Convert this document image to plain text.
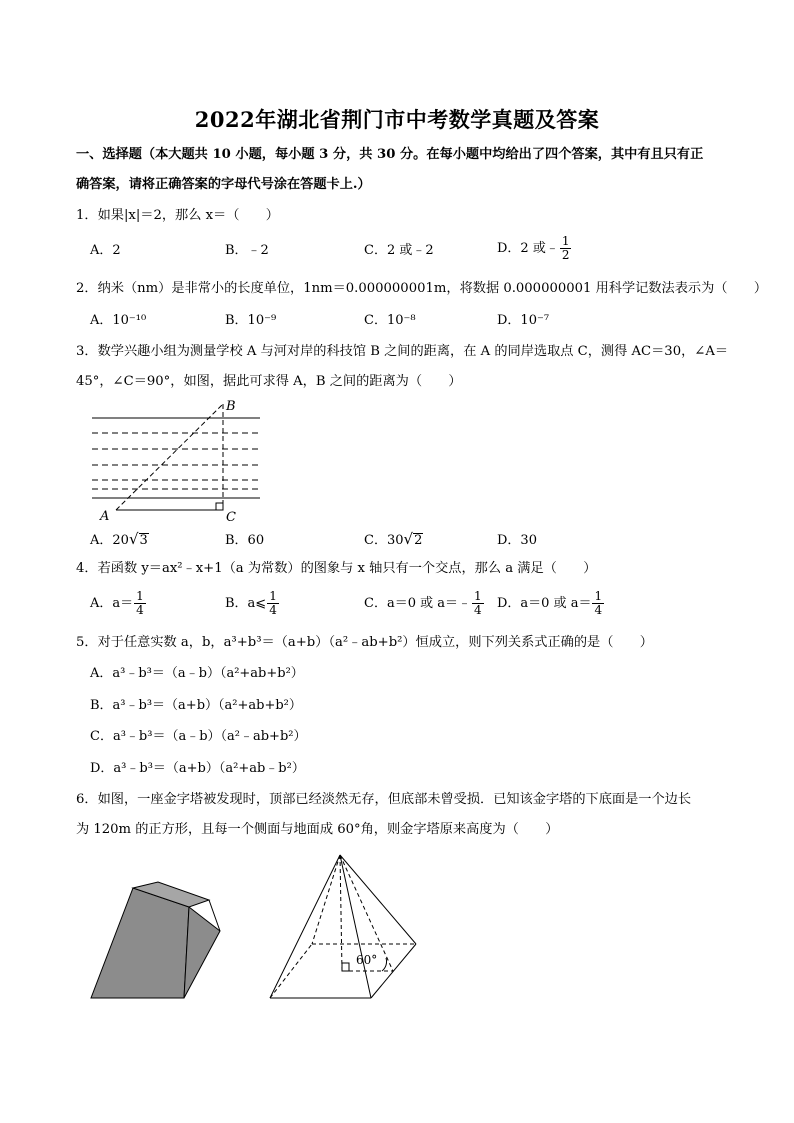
2022年湖北省荆门市中考数学真题及答案
一、选择题（本大题共 10 小题，每小题 3 分，共 30 分。在每小题中均给出了四个答案，其中有且只有正
确答案，请将正确答案的字母代号涂在答题卡上.）
1．如果|x|＝2，那么 x＝（　　）
A．2	B．﹣2	C．2 或﹣2	D．2 或﹣ $\frac{1}{2}$
2．纳米（nm）是非常小的长度单位，1nm＝0.000000001m，将数据 0.000000001 用科学记数法表示为（　　）
A．10⁻¹⁰	B．10⁻⁹	C．10⁻⁸	D．10⁻⁷
3．数学兴趣小组为测量学校 A 与河对岸的科技馆 B 之间的距离，在 A 的同岸选取点 C，测得 AC＝30，∠A＝
45°，∠C＝90°，如图，据此可求得 A，B 之间的距离为（　　）
A
B
C
A．20√3	B．60	C．30√2	D．30
4．若函数 y＝ax²﹣x+1（a 为常数）的图象与 x 轴只有一个交点，那么 a 满足（　　）
A．$a= \frac{1}{4}$	B．a⩽ $\frac{1}{4}$	C．a＝0 或 a＝﹣ $\frac{1}{4}$ D．a＝0 或 $a= \frac{1}{4}$
5．对于任意实数 a，b，a³+b³＝（a+b）（a²﹣ab+b²）恒成立，则下列关系式正确的是（　　）
A．a³﹣b³＝（a﹣b）（a²+ab+b²）
B．a³﹣b³＝（a+b）（a²+ab+b²）
C．a³﹣b³＝（a﹣b）（a²﹣ab+b²）
D．a³﹣b³＝（a+b）（a²+ab﹣b²）
6．如图，一座金字塔被发现时，顶部已经淡然无存，但底部未曾受损．已知该金字塔的下底面是一个边长
为 120m 的正方形，且每一个侧面与地面成 60°角，则金字塔原来高度为（　　）
60°
